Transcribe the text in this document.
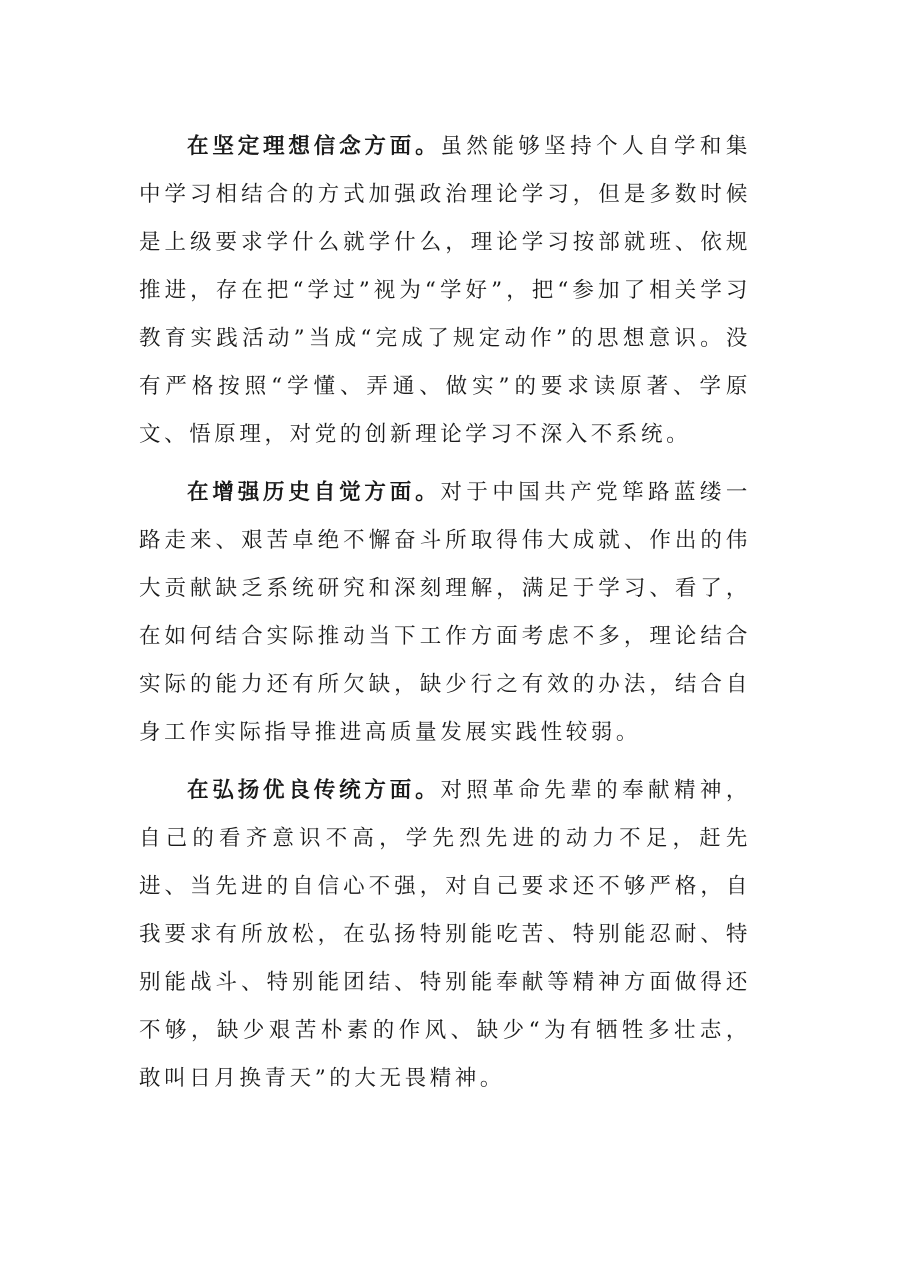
在坚定理想信念方面。虽然能够坚持个人自学和集中学习相结合的方式加强政治理论学习，但是多数时候是上级要求学什么就学什么，理论学习按部就班、依规推进，存在把“学过”视为“学好”，把“参加了相关学习教育实践活动”当成“完成了规定动作”的思想意识。没有严格按照“学懂、弄通、做实”的要求读原著、学原文、悟原理，对党的创新理论学习不深入不系统。

在增强历史自觉方面。对于中国共产党筚路蓝缕一路走来、艰苦卓绝不懈奋斗所取得伟大成就、作出的伟大贡献缺乏系统研究和深刻理解，满足于学习、看了，在如何结合实际推动当下工作方面考虑不多，理论结合实际的能力还有所欠缺，缺少行之有效的办法，结合自身工作实际指导推进高质量发展实践性较弱。

在弘扬优良传统方面。对照革命先辈的奉献精神，自己的看齐意识不高，学先烈先进的动力不足，赶先进、当先进的自信心不强，对自己要求还不够严格，自我要求有所放松，在弘扬特别能吃苦、特别能忍耐、特别能战斗、特别能团结、特别能奉献等精神方面做得还不够，缺少艰苦朴素的作风、缺少“为有牺牲多壮志，敢叫日月换青天”的大无畏精神。
